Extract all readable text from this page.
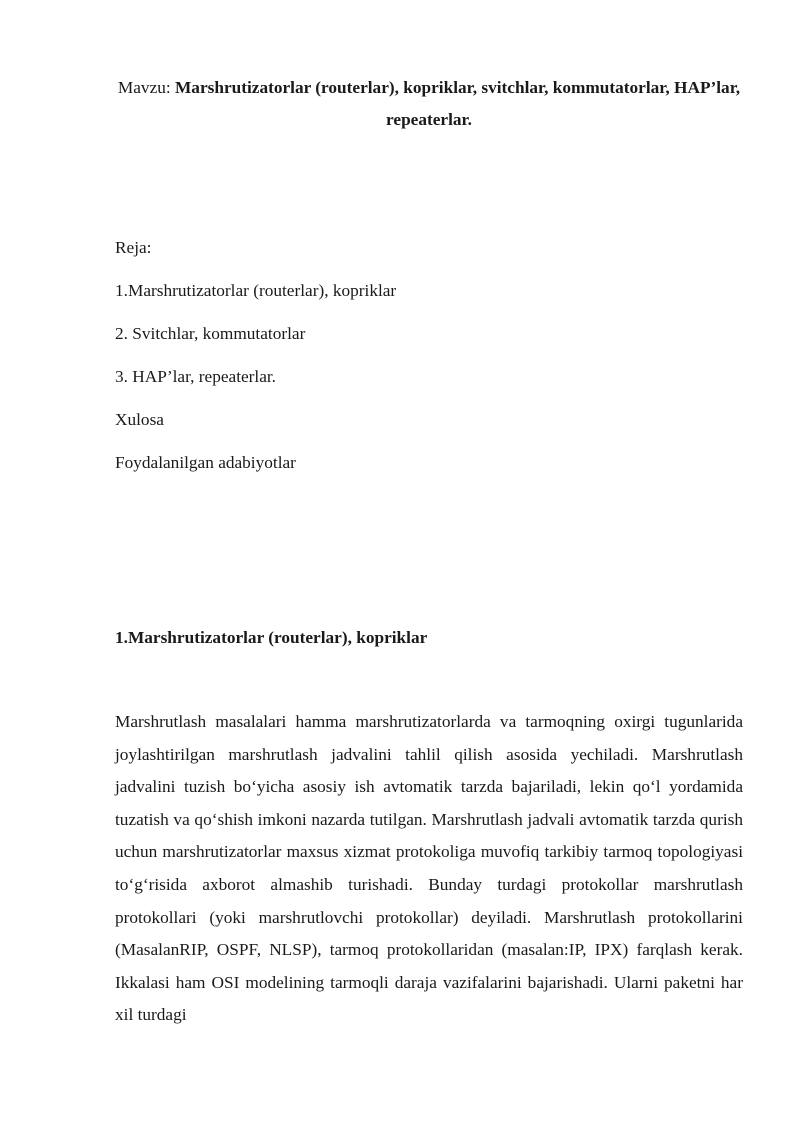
Mavzu: Marshrutizatorlar (routerlar), kopriklar, svitchlar, kommutatorlar, HAP’lar, repeaterlar.
Reja:
1.Marshrutizatorlar (routerlar), kopriklar
2. Svitchlar, kommutatorlar
3. HAP’lar, repeaterlar.
Xulosa
Foydalanilgan adabiyotlar
1.Marshrutizatorlar (routerlar), kopriklar
Marshrutlash masalalari hamma marshrutizatorlarda va tarmoqning oxirgi tugunlarida joylashtirilgan marshrutlash jadvalini tahlil qilish asosida yechiladi. Marshrutlash jadvalini tuzish bo‘yicha asosiy ish avtomatik tarzda bajariladi, lekin qo‘l yordamida tuzatish va qo‘shish imkoni nazarda tutilgan. Marshrutlash jadvali avtomatik tarzda qurish uchun marshrutizatorlar maxsus xizmat protokoliga muvofiq tarkibiy tarmoq topologiyasi to‘g‘risida axborot almashib turishadi. Bunday turdagi protokollar marshrutlash protokollari (yoki marshrutlovchi protokollar) deyiladi. Marshrutlash protokollarini (MasalanRIP, OSPF, NLSP), tarmoq protokollaridan (masalan:IP, IPX) farqlash kerak. Ikkalasi ham OSI modelining tarmoqli daraja vazifalarini bajarishadi. Ularni paketni har xil turdagi
